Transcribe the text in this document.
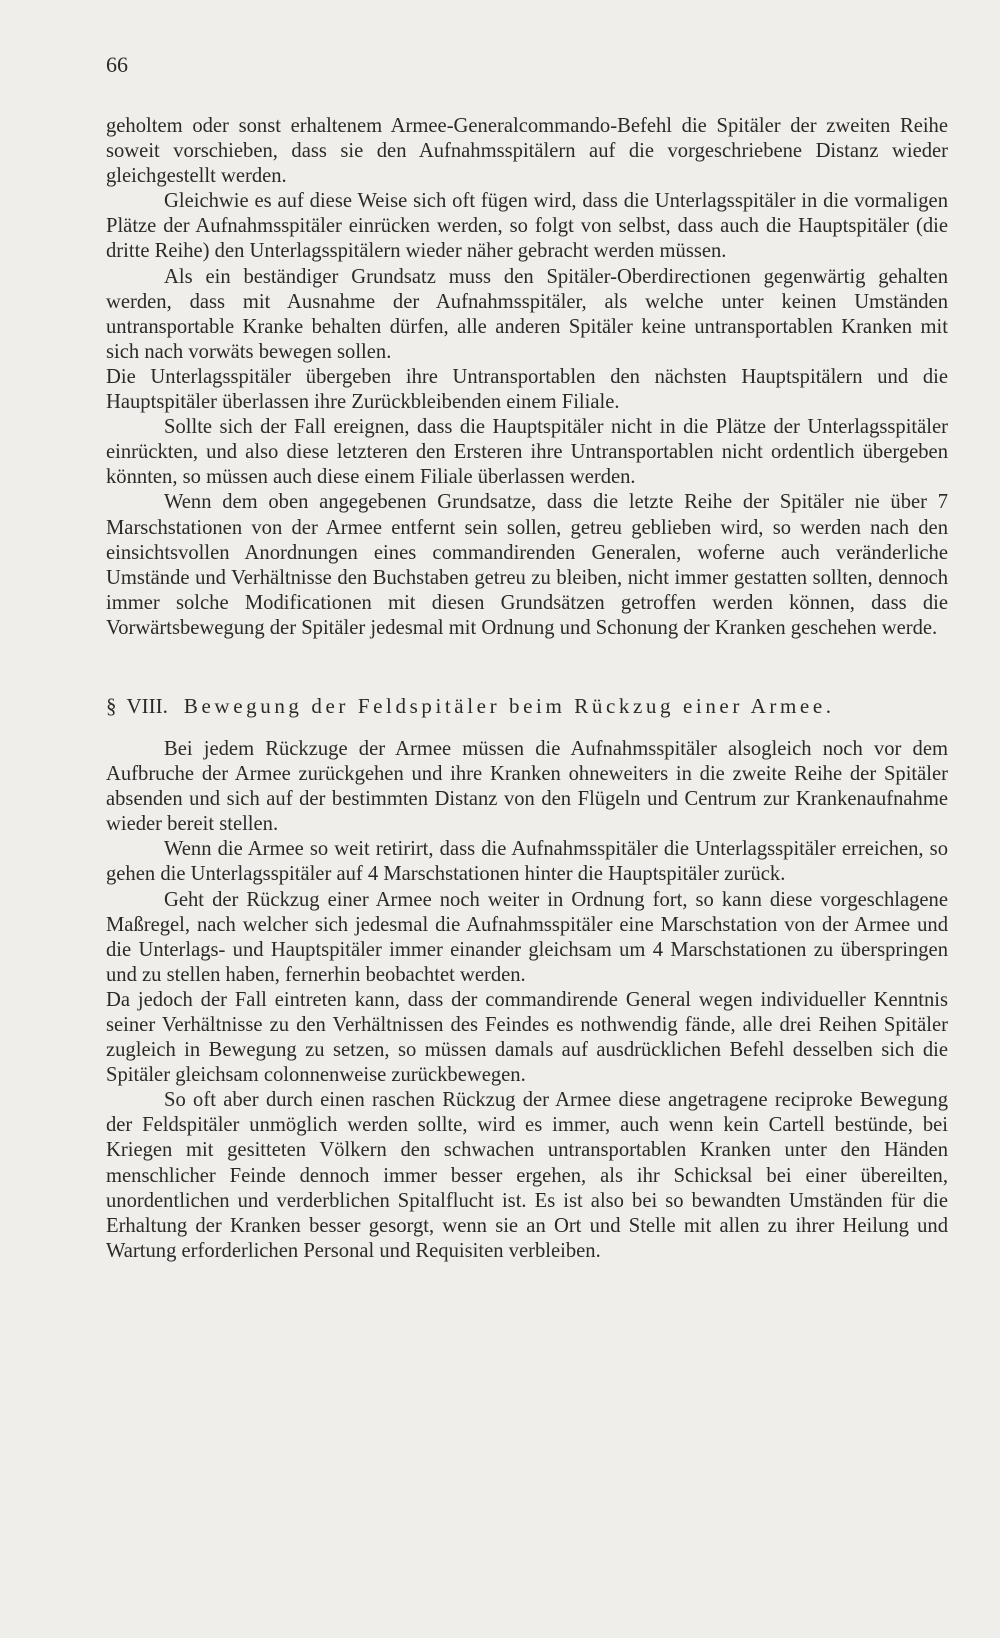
66

geholtem oder sonst erhaltenem Armee-Generalcommando-Befehl die Spitäler der zweiten Reihe soweit vorschieben, dass sie den Aufnahmsspitälern auf die vorgeschriebene Distanz wieder gleichgestellt werden.

Gleichwie es auf diese Weise sich oft fügen wird, dass die Unterlagsspitäler in die vormaligen Plätze der Aufnahmsspitäler einrücken werden, so folgt von selbst, dass auch die Hauptspitäler (die dritte Reihe) den Unterlagsspitälern wieder näher gebracht werden müssen.

Als ein beständiger Grundsatz muss den Spitäler-Oberdirectionen gegenwärtig gehalten werden, dass mit Ausnahme der Aufnahmsspitäler, als welche unter keinen Umständen untransportable Kranke behalten dürfen, alle anderen Spitäler keine untransportablen Kranken mit sich nach vorwäts bewegen sollen.

Die Unterlagsspitäler übergeben ihre Untransportablen den nächsten Hauptspitälern und die Hauptspitäler überlassen ihre Zurückbleibenden einem Filiale.

Sollte sich der Fall ereignen, dass die Hauptspitäler nicht in die Plätze der Unterlagsspitäler einrückten, und also diese letzteren den Ersteren ihre Untransportablen nicht ordentlich übergeben könnten, so müssen auch diese einem Filiale überlassen werden.

Wenn dem oben angegebenen Grundsatze, dass die letzte Reihe der Spitäler nie über 7 Marschstationen von der Armee entfernt sein sollen, getreu geblieben wird, so werden nach den einsichtsvollen Anordnungen eines commandirenden Generalen, woferne auch veränderliche Umstände und Verhältnisse den Buchstaben getreu zu bleiben, nicht immer gestatten sollten, dennoch immer solche Modificationen mit diesen Grundsätzen getroffen werden können, dass die Vorwärtsbewegung der Spitäler jedesmal mit Ordnung und Schonung der Kranken geschehen werde.

§ VIII. Bewegung der Feldspitäler beim Rückzug einer Armee.

Bei jedem Rückzuge der Armee müssen die Aufnahmsspitäler alsogleich noch vor dem Aufbruche der Armee zurückgehen und ihre Kranken ohneweiters in die zweite Reihe der Spitäler absenden und sich auf der bestimmten Distanz von den Flügeln und Centrum zur Krankenaufnahme wieder bereit stellen.

Wenn die Armee so weit retirirt, dass die Aufnahmsspitäler die Unterlagsspitäler erreichen, so gehen die Unterlagsspitäler auf 4 Marschstationen hinter die Hauptspitäler zurück.

Geht der Rückzug einer Armee noch weiter in Ordnung fort, so kann diese vorgeschlagene Maßregel, nach welcher sich jedesmal die Aufnahmsspitäler eine Marschstation von der Armee und die Unterlags- und Hauptspitäler immer einander gleichsam um 4 Marschstationen zu überspringen und zu stellen haben, fernerhin beobachtet werden.

Da jedoch der Fall eintreten kann, dass der commandirende General wegen individueller Kenntnis seiner Verhältnisse zu den Verhältnissen des Feindes es nothwendig fände, alle drei Reihen Spitäler zugleich in Bewegung zu setzen, so müssen damals auf ausdrücklichen Befehl desselben sich die Spitäler gleichsam colonnenweise zurückbewegen.

So oft aber durch einen raschen Rückzug der Armee diese angetragene reciproke Bewegung der Feldspitäler unmöglich werden sollte, wird es immer, auch wenn kein Cartell bestünde, bei Kriegen mit gesitteten Völkern den schwachen untransportablen Kranken unter den Händen menschlicher Feinde dennoch immer besser ergehen, als ihr Schicksal bei einer übereilten, unordentlichen und verderblichen Spitalflucht ist. Es ist also bei so bewandten Umständen für die Erhaltung der Kranken besser gesorgt, wenn sie an Ort und Stelle mit allen zu ihrer Heilung und Wartung erforderlichen Personal und Requisiten verbleiben.
